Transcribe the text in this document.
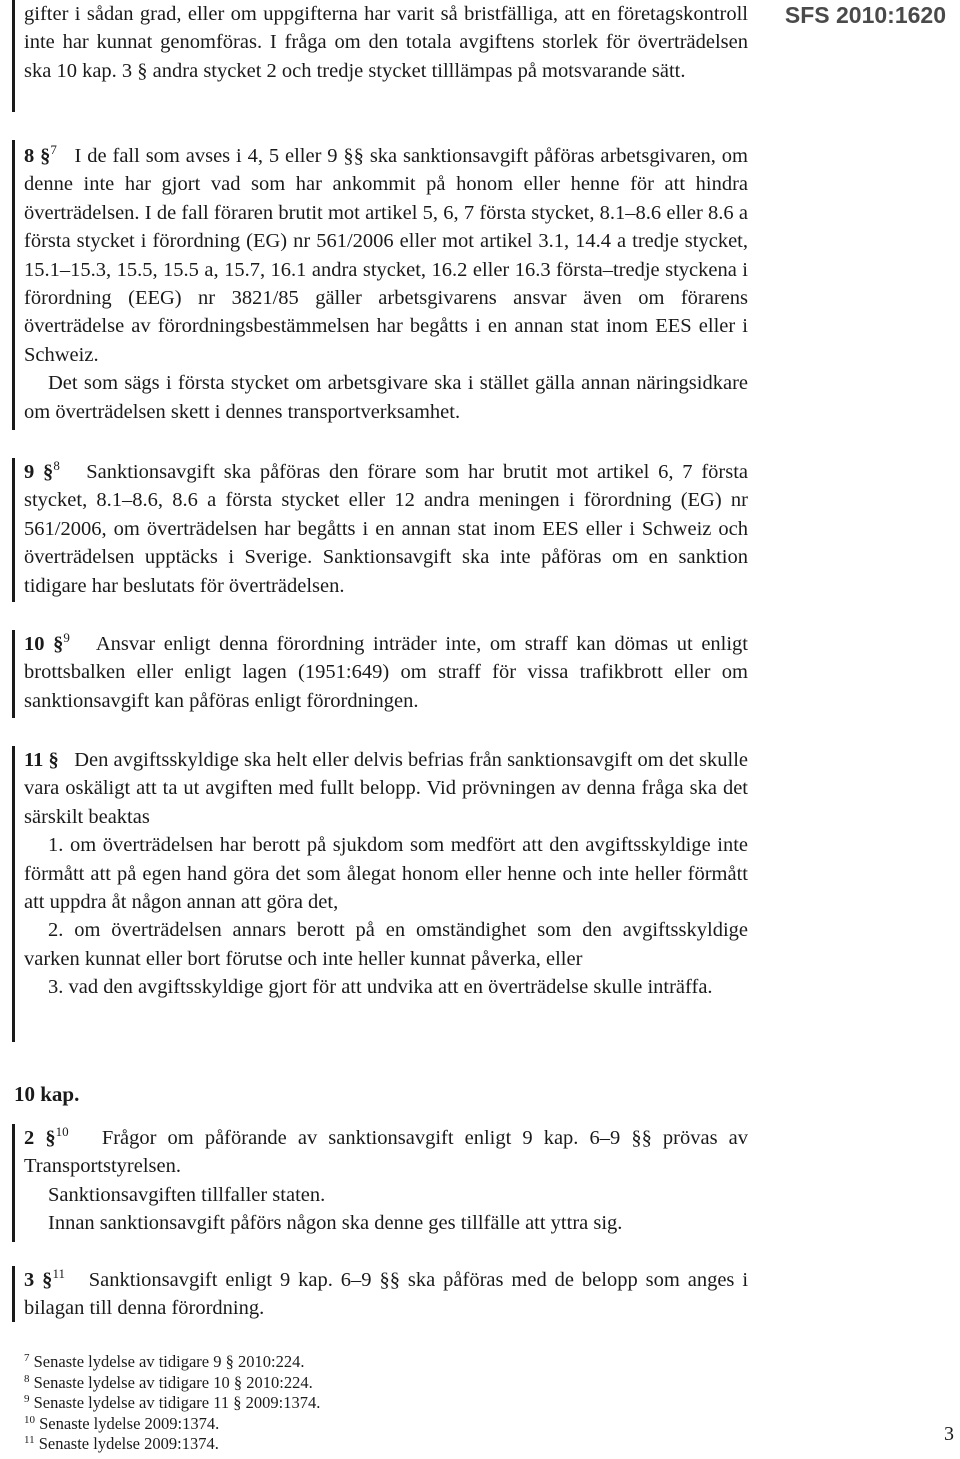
SFS 2010:1620

gifter i sådan grad, eller om uppgifterna har varit så bristfälliga, att en företagskontroll inte har kunnat genomföras. I fråga om den totala avgiftens storlek för överträdelsen ska 10 kap. 3 § andra stycket 2 och tredje stycket tilllämpas på motsvarande sätt.

8 §$^7$ I de fall som avses i 4, 5 eller 9 §§ ska sanktionsavgift påföras arbetsgivaren, om denne inte har gjort vad som har ankommit på honom eller henne för att hindra överträdelsen. I de fall föraren brutit mot artikel 5, 6, 7 första stycket, 8.1–8.6 eller 8.6 a första stycket i förordning (EG) nr 561/2006 eller mot artikel 3.1, 14.4 a tredje stycket, 15.1–15.3, 15.5, 15.5 a, 15.7, 16.1 andra stycket, 16.2 eller 16.3 första–tredje styckena i förordning (EEG) nr 3821/85 gäller arbetsgivarens ansvar även om förarens överträdelse av förordningsbestämmelsen har begåtts i en annan stat inom EES eller i Schweiz.

Det som sägs i första stycket om arbetsgivare ska i stället gälla annan näringsidkare om överträdelsen skett i dennes transportverksamhet.

9 §$^8$ Sanktionsavgift ska påföras den förare som har brutit mot artikel 6, 7 första stycket, 8.1–8.6, 8.6 a första stycket eller 12 andra meningen i förordning (EG) nr 561/2006, om överträdelsen har begåtts i en annan stat inom EES eller i Schweiz och överträdelsen upptäcks i Sverige. Sanktionsavgift ska inte påföras om en sanktion tidigare har beslutats för överträdelsen.

10 §$^9$ Ansvar enligt denna förordning inträder inte, om straff kan dömas ut enligt brottsbalken eller enligt lagen (1951:649) om straff för vissa trafikbrott eller om sanktionsavgift kan påföras enligt förordningen.

11 § Den avgiftsskyldige ska helt eller delvis befrias från sanktionsavgift om det skulle vara oskäligt att ta ut avgiften med fullt belopp. Vid prövningen av denna fråga ska det särskilt beaktas

1. om överträdelsen har berott på sjukdom som medfört att den avgiftsskyldige inte förmått att på egen hand göra det som ålegat honom eller henne och inte heller förmått att uppdra åt någon annan att göra det,

2. om överträdelsen annars berott på en omständighet som den avgiftsskyldige varken kunnat eller bort förutse och inte heller kunnat påverka, eller

3. vad den avgiftsskyldige gjort för att undvika att en överträdelse skulle inträffa.

10 kap.

2 §$^{10}$ Frågor om påförande av sanktionsavgift enligt 9 kap. 6–9 §§ prövas av Transportstyrelsen.

Sanktionsavgiften tillfaller staten.

Innan sanktionsavgift påförs någon ska denne ges tillfälle att yttra sig.

3 §$^{11}$ Sanktionsavgift enligt 9 kap. 6–9 §§ ska påföras med de belopp som anges i bilagan till denna förordning.

$^7$ Senaste lydelse av tidigare 9 § 2010:224.
$^8$ Senaste lydelse av tidigare 10 § 2010:224.
$^9$ Senaste lydelse av tidigare 11 § 2009:1374.
$^{10}$ Senaste lydelse 2009:1374.
$^{11}$ Senaste lydelse 2009:1374.	3
